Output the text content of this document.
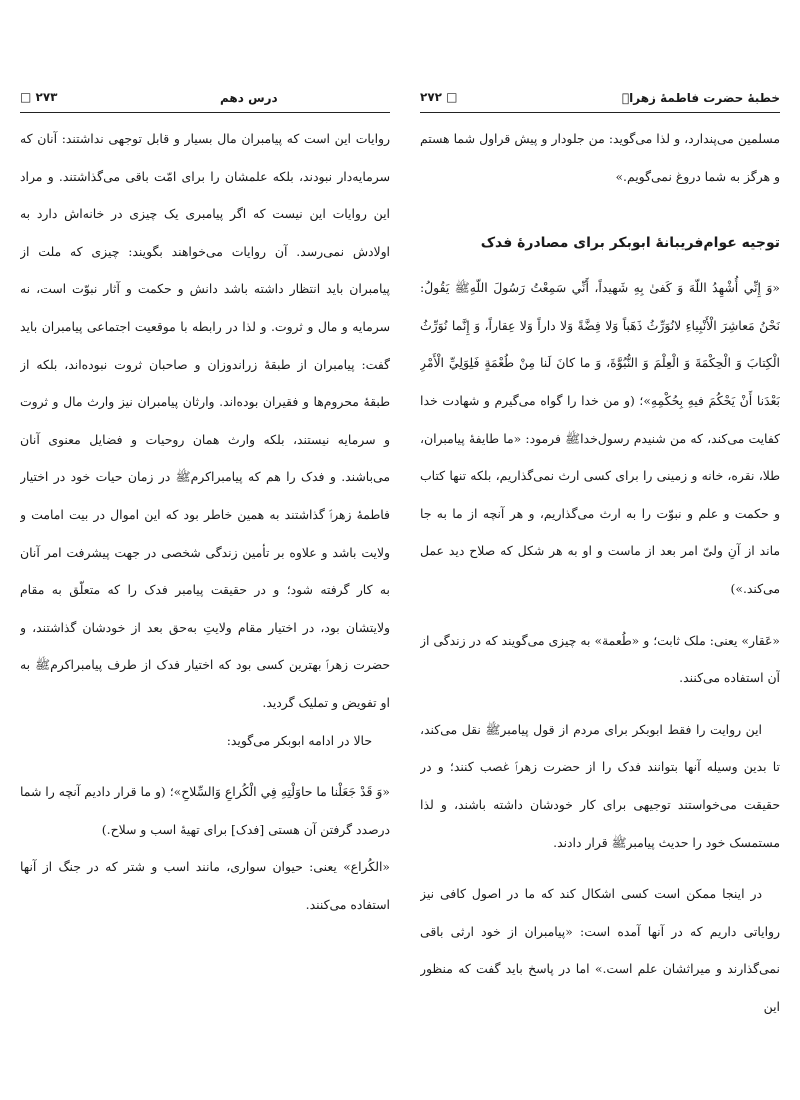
□ ۲۷۳	درس دهم

روایات این است که پیامبران مال بسیار و قابل توجهی نداشتند: آنان که سرمایه‌دار نبودند، بلکه علمشان را برای امّت باقی می‌گذاشتند. و مراد این روایات این نیست که اگر پیامبری یک چیزی در خانه‌اش دارد به اولادش نمی‌رسد. آن روایات می‌خواهند بگویند: چیزی که ملت از پیامبران باید انتظار داشته باشد دانش و حکمت و آثار نبوّت است، نه سرمایه و مال و ثروت. و لذا در رابطه با موقعیت اجتماعی پیامبران باید گفت: پیامبران از طبقهٔ زراندوزان و صاحبان ثروت نبوده‌اند، بلکه از طبقهٔ محروم‌ها و فقیران بوده‌اند. وارثان پیامبران نیز وارث مال و ثروت و سرمایه نیستند، بلکه وارث همان روحیات و فضایل معنوی آنان می‌باشند. و فدک را هم که پیامبراکرمﷺ در زمان حیات خود در اختیار فاطمهٔ زهراؑ گذاشتند به همین خاطر بود که این اموال در بیت امامت و ولایت باشد و علاوه بر تأمین زندگی شخصی در جهت پیشرفت امر آنان به کار گرفته شود؛ و در حقیقت پیامبر فدک را که متعلّق به مقام ولایتشان بود، در اختیار مقام ولایتِ به‌حق بعد از خودشان گذاشتند، و حضرت زهراؑ بهترین کسی بود که اختیار فدک از طرف پیامبراکرمﷺ به او تفویض و تملیک گردید.

حالا در ادامه ابوبکر می‌گوید:

«وَ قَدْ جَعَلْنا ما حاوَلْتِهِ فِي الْكُراعِ وَالسِّلاحِ»؛ (و ما قرار دادیم آنچه را شما درصدد گرفتن آن هستی [فدک] برای تهیهٔ اسب و سلاح.)

«الکُراع» یعنی: حیوان سواری، مانند اسب و شتر که در جنگ از آنها استفاده می‌کنند.

خطبهٔ حضرت فاطمهٔ زهراؑ
۲۷۲ □

مسلمین می‌پندارد، و لذا می‌گوید: من جلودار و پیش قراول شما هستم و هرگز به شما دروغ نمی‌گویم.»

توجیه عوام‌فریبانهٔ ابوبکر برای مصادرهٔ فدک

«وَ إِنِّي أُشْهِدُ اللّهَ وَ كَفىٰ بِهِ شَهيداً، أَنِّي سَمِعْتُ رَسُولَ اللّهِﷺ يَقُولُ: نَحْنُ مَعاشِرَ الْأَنْبِياءِ لانُوَرِّثُ ذَهَباً وَلا فِضَّةً وَلا داراً وَلا عِقاراً، وَ إِنَّما نُوَرِّثُ الْكِتابَ وَ الْحِكْمَةَ وَ الْعِلْمَ وَ النُّبُوَّةَ، وَ ما كانَ لَنا مِنْ طُعْمَةٍ فَلِوَلِيِّ الْأَمْرِ بَعْدَنا أَنْ يَحْكُمَ فيهِ بِحُكْمِهِ»؛ (و من خدا را گواه می‌گیرم و شهادت خدا کفایت می‌کند، که من شنیدم رسول‌خداﷺ فرمود: «ما طایفهٔ پیامبران، طلا، نقره، خانه و زمینی را برای کسی ارث نمی‌گذاریم، بلکه تنها کتاب و حکمت و علم و نبوّت را به ارث می‌گذاریم، و هر آنچه از ما به جا ماند از آنِ ولیّ امر بعد از ماست و او به هر شکل که صلاح دید عمل می‌کند.»)

«عَقار» یعنی: ملک ثابت؛ و «طُعمة» به چیزی می‌گویند که در زندگی از آن استفاده می‌کنند.

این روایت را فقط ابوبکر برای مردم از قول پیامبرﷺ نقل می‌کند، تا بدین وسیله آنها بتوانند فدک را از حضرت زهراؑ غصب کنند؛ و در حقیقت می‌خواستند توجیهی برای کار خودشان داشته باشند، و لذا مستمسک خود را حدیث پیامبرﷺ قرار دادند.

در اینجا ممکن است کسی اشکال کند که ما در اصول کافی نیز روایاتی داریم که در آنها آمده است: «پیامبران از خود ارثی باقی نمی‌گذارند و میراثشان علم است.» اما در پاسخ باید گفت که منظور این
